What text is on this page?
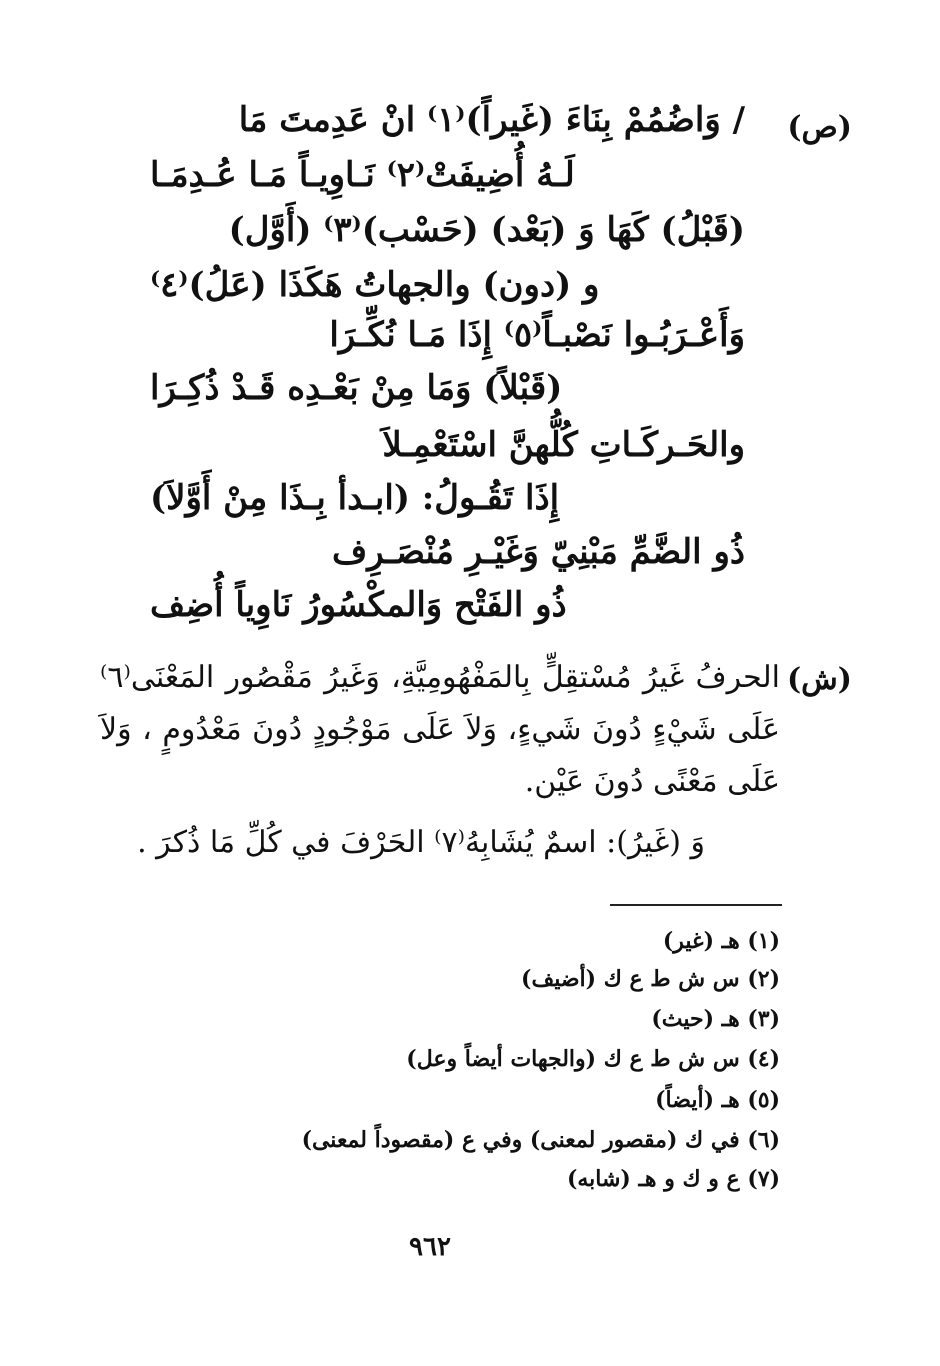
(ص)
/ وَاضُمُمْ بِنَاءَ (غَيراً)⁽١⁾ انْ عَدِمتَ مَا
لَـهُ أُضِيفَتْ⁽٢⁾ نَـاوِيـاً مَـا عُـدِمَـا
(قَبْلُ) كَهَا وَ (بَعْد) (حَسْب)⁽٣⁾ (أَوَّل)
و (دون) والجهاتُ هَكَذَا (عَلُ)⁽٤⁾
وَأَعْـرَبُـوا نَصْبـاً⁽٥⁾ إِذَا مَـا نُكِّـرَا
(قَبْلاً) وَمَا مِنْ بَعْـدِه قَـدْ ذُكِـرَا
والحَـركَـاتِ كُلُّهنَّ اسْتَعْمِـلاَ
إِذَا تَقُـولُ: (ابـدأ بِـذَا مِنْ أَوَّلاَ)
ذُو الضَّمِّ مَبْنِيّ وَغَيْـرِ مُنْصَـرِف
ذُو الفَتْح وَالمكْسُورُ نَاوِياً أُضِف
(ش)
الحرفُ غَيرُ مُسْتقِلٍّ بِالمَفْهُومِيَّةِ، وَغَيرُ مَقْصُور المَعْنَى⁽٦⁾ عَلَى شَيْءٍ دُونَ شَيءٍ، وَلاَ عَلَى مَوْجُودٍ دُونَ مَعْدُومٍ ، وَلاَ عَلَى مَعْنًى دُونَ عَيْن.
وَ (غَيرُ): اسمٌ يُشَابِهُ⁽٧⁾ الحَرْفَ في كُلِّ مَا ذُكرَ .
(١) هـ (غير)
(٢) س ش ط ع ك (أضيف)
(٣) هـ (حيث)
(٤) س ش ط ع ك (والجهات أيضاً وعل)
(٥) هـ (أيضاً)
(٦) في ك (مقصور لمعنى) وفي ع (مقصوداً لمعنى)
(٧) ع و ك و هـ (شابه)
٩٦٢
